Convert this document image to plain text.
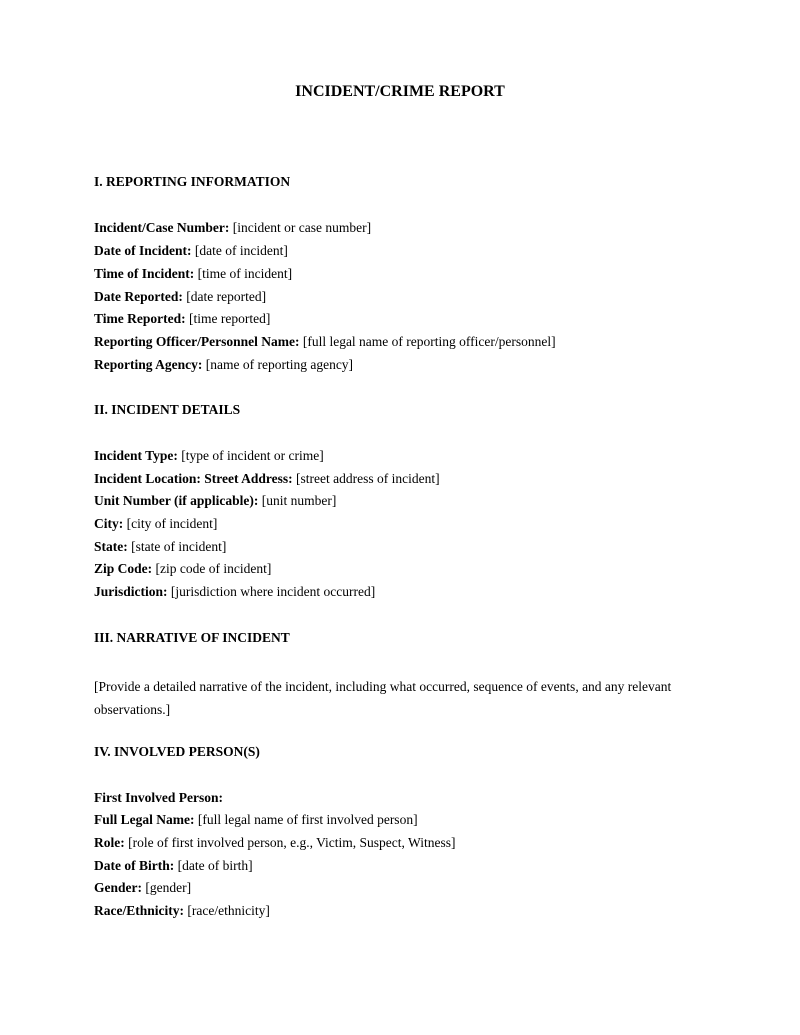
INCIDENT/CRIME REPORT
I. REPORTING INFORMATION
Incident/Case Number: [incident or case number]
Date of Incident: [date of incident]
Time of Incident: [time of incident]
Date Reported: [date reported]
Time Reported: [time reported]
Reporting Officer/Personnel Name: [full legal name of reporting officer/personnel]
Reporting Agency: [name of reporting agency]
II. INCIDENT DETAILS
Incident Type: [type of incident or crime]
Incident Location: Street Address: [street address of incident]
Unit Number (if applicable): [unit number]
City: [city of incident]
State: [state of incident]
Zip Code: [zip code of incident]
Jurisdiction: [jurisdiction where incident occurred]
III. NARRATIVE OF INCIDENT
[Provide a detailed narrative of the incident, including what occurred, sequence of events, and any relevant observations.]
IV. INVOLVED PERSON(S)
First Involved Person:
Full Legal Name: [full legal name of first involved person]
Role: [role of first involved person, e.g., Victim, Suspect, Witness]
Date of Birth: [date of birth]
Gender: [gender]
Race/Ethnicity: [race/ethnicity]
